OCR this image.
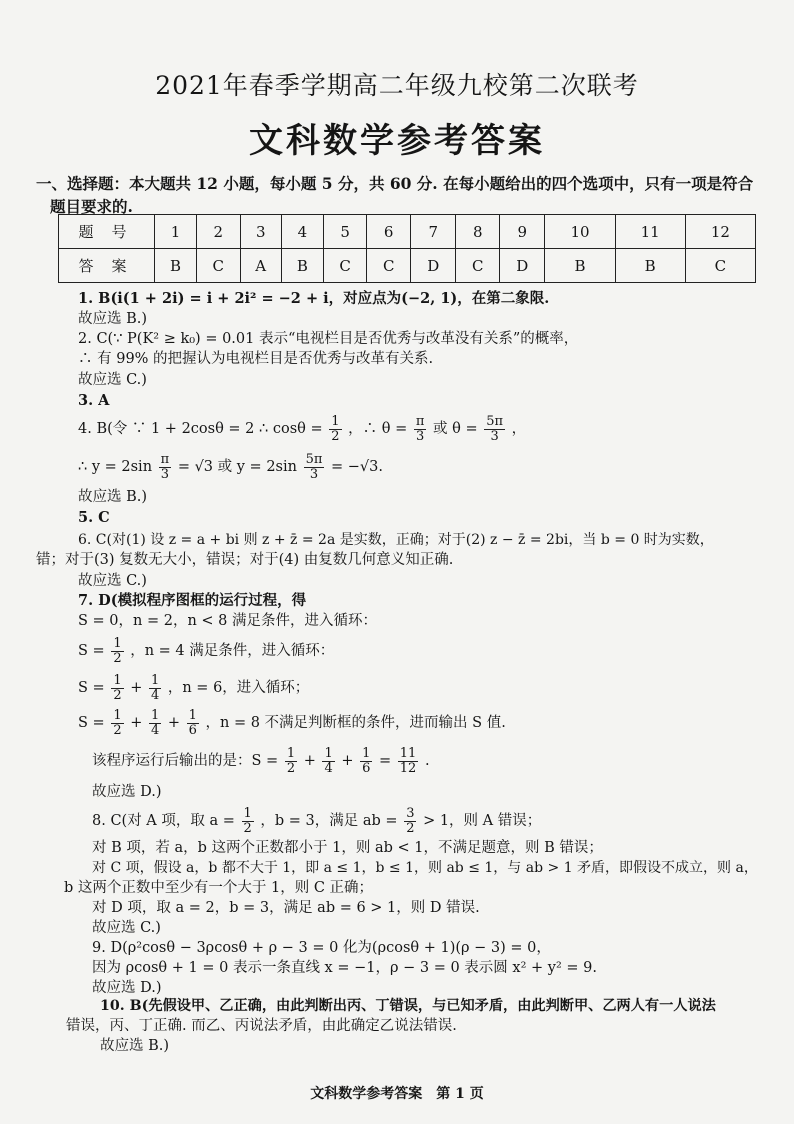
2021年春季学期高二年级九校第二次联考
文科数学参考答案
一、选择题：本大题共 12 小题，每小题 5 分，共 60 分. 在每小题给出的四个选项中，只有一项是符合
题目要求的.
题号	1	2	3	4	5	6	7	8	9	10	11	12
答案	B	C	A	B	C	C	D	C	D	B	B	C
1. B(i(1 + 2i) = i + 2i² = −2 + i，对应点为(−2, 1)，在第二象限.
故应选 B.)
2. C(∵ P(K² ≥ k₀) = 0.01 表示“电视栏目是否优秀与改革没有关系”的概率，
∴ 有 99% 的把握认为电视栏目是否优秀与改革有关系.
故应选 C.)
3. A
4. B(令 ∵ 1 + 2cosθ = 2 ∴ $\cos\theta = \frac{1}{2}$ ，∴ $\theta = \frac{\pi}{3}$ 或 $\theta = \frac{5\pi}{3}$ ，
∴ $y = 2\sin \frac{\pi}{3} = √3$ 或 $y = 2\sin \frac{5\pi}{3} = -√3$.
故应选 B.)
5. C
6. C(对(1) 设 z = a + bi 则 z + z̄ = 2a 是实数，正确；对于(2) z − z̄ = 2bi，当 b = 0 时为实数，
错；对于(3) 复数无大小，错误；对于(4) 由复数几何意义知正确.
故应选 C.)
7. D(模拟程序图框的运行过程，得
S = 0，n = 2，n < 8 满足条件，进入循环：
$S = \frac{1}{2}$ ，n = 4 满足条件，进入循环：
$S = \frac{1}{2} + \frac{1}{4}$ ，n = 6，进入循环；
$S = \frac{1}{2} + \frac{1}{4} + \frac{1}{6}$ ，n = 8 不满足判断框的条件，进而输出 S 值.
该程序运行后输出的是：$S = \frac{1}{2} + \frac{1}{4} + \frac{1}{6} = \frac{11}{12}$ .
故应选 D.)
8. C(对 A 项，取 $a = \frac{1}{2}$ ，b = 3，满足 ab = $\frac{3}{2} > 1$，则 A 错误；
对 B 项，若 a，b 这两个正数都小于 1，则 ab < 1，不满足题意，则 B 错误；
对 C 项，假设 a，b 都不大于 1，即 a ≤ 1，b ≤ 1，则 ab ≤ 1，与 ab > 1 矛盾，即假设不成立，则 a，
b 这两个正数中至少有一个大于 1，则 C 正确；
对 D 项，取 a = 2，b = 3，满足 ab = 6 > 1，则 D 错误.
故应选 C.)
9. D(ρ²cosθ − 3ρcosθ + ρ − 3 = 0 化为(ρcosθ + 1)(ρ − 3) = 0，
因为 ρcosθ + 1 = 0 表示一条直线 x = −1，ρ − 3 = 0 表示圆 x² + y² = 9.
故应选 D.)
10. B(先假设甲、乙正确，由此判断出丙、丁错误，与已知矛盾，由此判断甲、乙两人有一人说法
错误，丙、丁正确. 而乙、丙说法矛盾，由此确定乙说法错误.
故应选 B.)
文科数学参考答案　第 1 页
